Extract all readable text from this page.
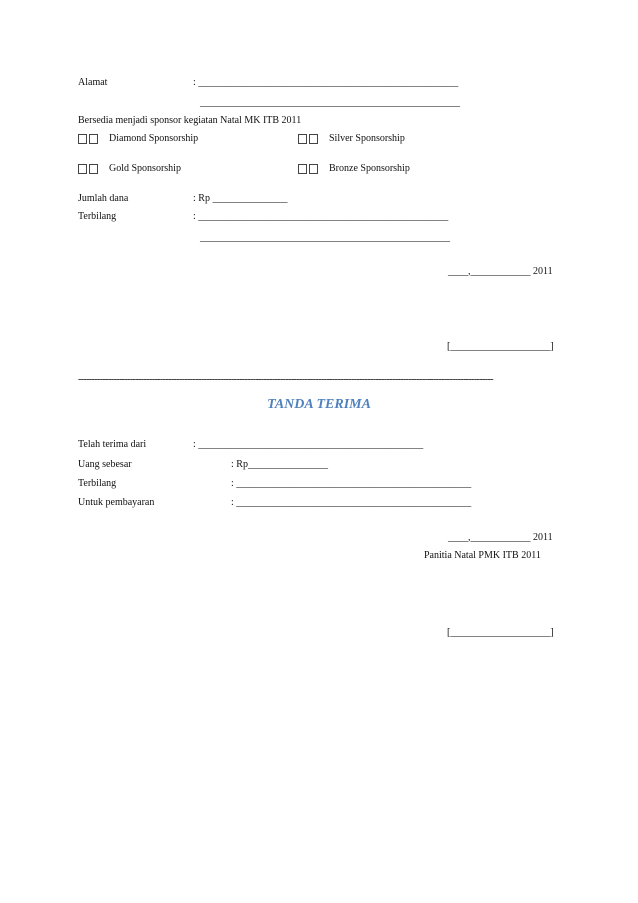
Alamat	: ____________________________________________________
____________________________________________________
Bersedia menjadi sponsor kegiatan Natal MK ITB 2011
Diamond Sponsorship	Silver Sponsorship
Gold Sponsorship	Bronze Sponsorship
Jumlah dana	: Rp _______________
Terbilang	: __________________________________________________
__________________________________________________
____,____________ 2011
[____________________]
--------------------------------------------------------------------------------------------------------------------------------------------------------
TANDA TERIMA
Telah terima dari	: _____________________________________________
Uang sebesar	: Rp________________
Terbilang	: _______________________________________________
Untuk pembayaran	: _______________________________________________
____,____________ 2011
Panitia Natal PMK ITB 2011
[____________________]
